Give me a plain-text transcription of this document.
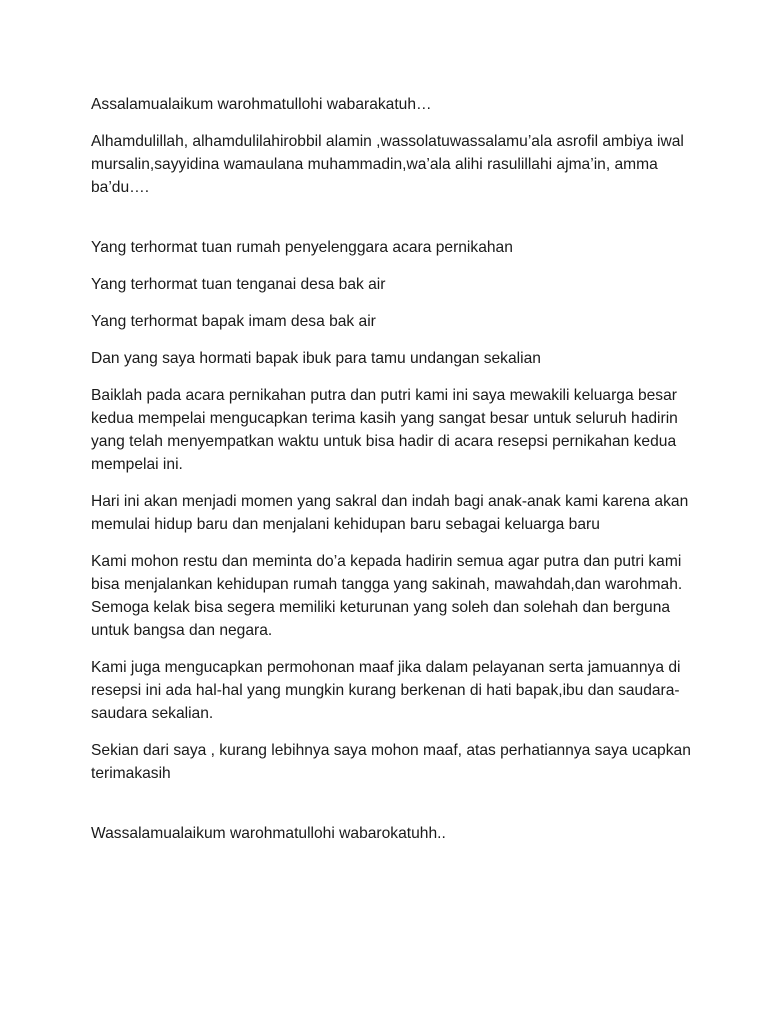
Assalamualaikum warohmatullohi wabarakatuh…

Alhamdulillah, alhamdulilahirobbil alamin ,wassolatuwassalamu’ala asrofil ambiya iwal mursalin,sayyidina wamaulana muhammadin,wa’ala alihi rasulillahi ajma’in, amma ba’du….

Yang terhormat tuan rumah penyelenggara acara pernikahan

Yang terhormat tuan tenganai desa bak air

Yang terhormat bapak imam desa bak air

Dan yang saya hormati bapak ibuk para tamu undangan sekalian

Baiklah pada acara pernikahan putra dan putri kami ini saya mewakili keluarga besar kedua mempelai mengucapkan terima kasih yang sangat besar untuk seluruh hadirin yang telah menyempatkan waktu untuk bisa hadir di acara resepsi pernikahan kedua mempelai ini.

Hari ini akan menjadi momen yang sakral dan indah bagi anak-anak kami karena akan memulai hidup baru dan menjalani kehidupan baru sebagai keluarga baru

Kami mohon restu dan meminta do’a kepada hadirin semua agar putra dan putri kami bisa menjalankan kehidupan rumah tangga yang sakinah, mawahdah,dan warohmah. Semoga kelak bisa segera memiliki keturunan yang soleh dan solehah dan berguna untuk bangsa dan negara.

Kami juga mengucapkan permohonan maaf jika dalam pelayanan serta jamuannya di resepsi ini ada hal-hal yang mungkin kurang berkenan di hati bapak,ibu dan saudara-saudara sekalian.

Sekian dari saya , kurang lebihnya saya mohon maaf, atas perhatiannya saya ucapkan terimakasih

Wassalamualaikum warohmatullohi wabarokatuhh..
